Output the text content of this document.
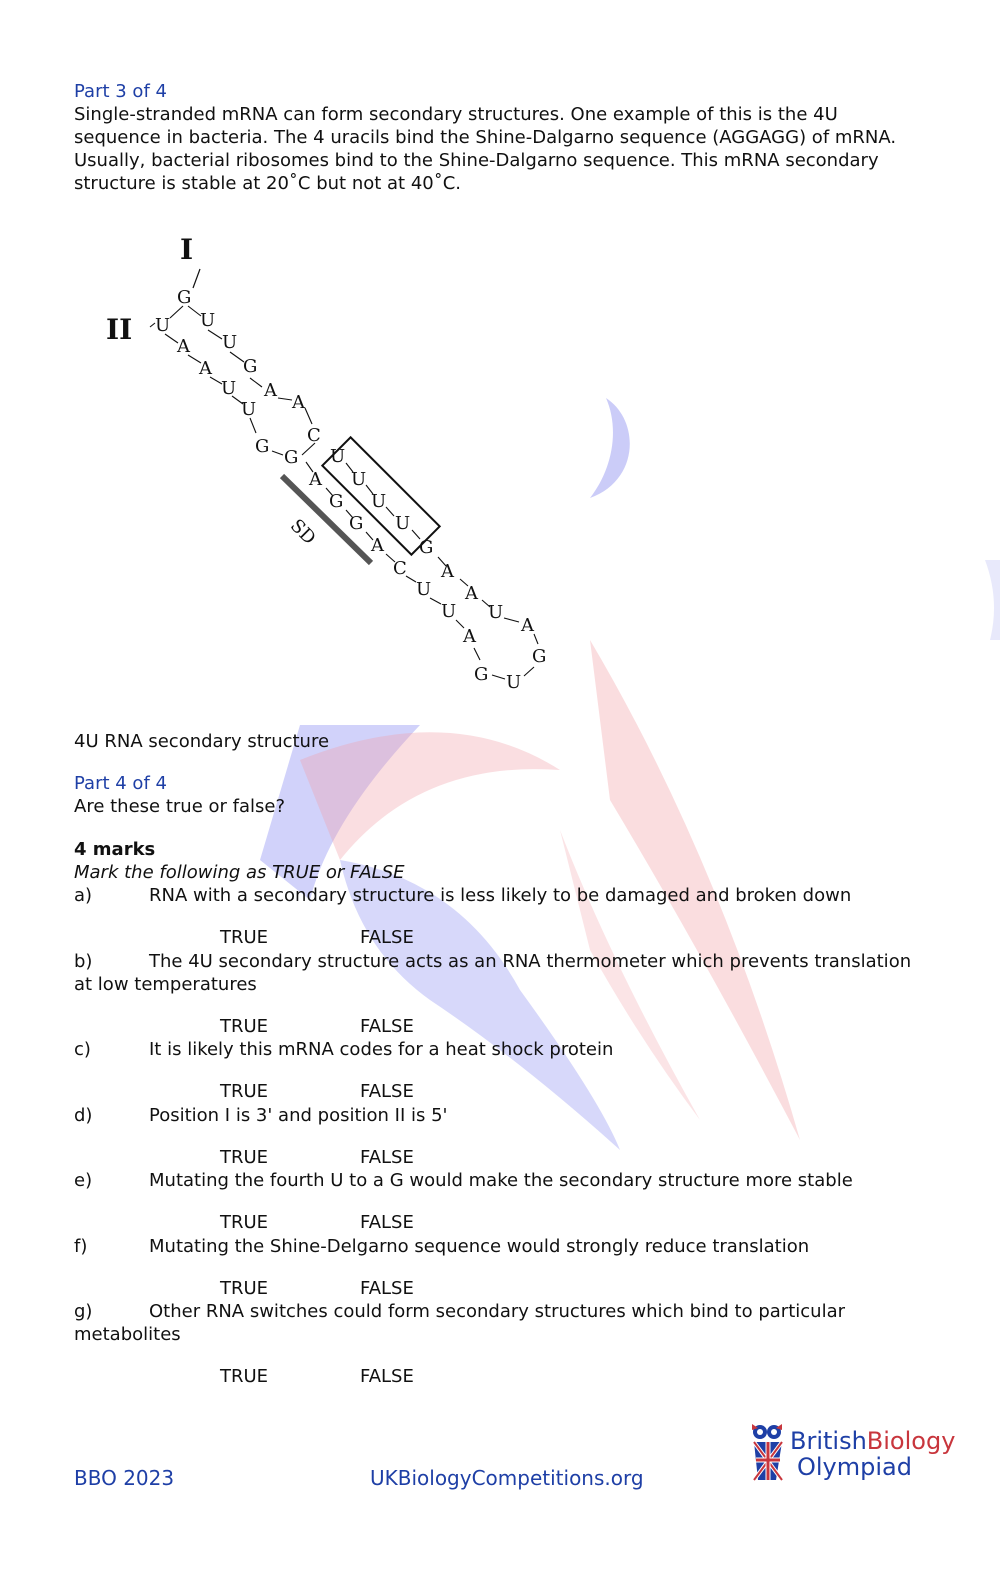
Part 3 of 4
Single-stranded mRNA can form secondary structures. One example of this is the 4U
sequence in bacteria. The 4 uracils bind the Shine-Dalgarno sequence (AGGAGG) of mRNA.
Usually, bacterial ribosomes bind to the Shine-Dalgarno sequence. This mRNA secondary
structure is stable at 20˚C but not at 40˚C.
I
II
G
U U
A U
A G
U A
U A
G
C
G U
A U
G U
G U
A G
C A
U
U
A
U
A
A
G
G U
SD
4U RNA secondary structure
Part 4 of 4
Are these true or false?
4 marks
Mark the following as TRUE or FALSE
a)	RNA with a secondary structure is less likely to be damaged and broken down
TRUE	FALSE
b)	The 4U secondary structure acts as an RNA thermometer which prevents translation
at low temperatures
TRUE	FALSE
c)	It is likely this mRNA codes for a heat shock protein
TRUE	FALSE
d)	Position I is 3' and position II is 5'
TRUE	FALSE
e)	Mutating the fourth U to a G would make the secondary structure more stable
TRUE	FALSE
f)	Mutating the Shine-Delgarno sequence would strongly reduce translation
TRUE	FALSE
g)	Other RNA switches could form secondary structures which bind to particular
metabolites
TRUE	FALSE
BBO 2023	UKBiologyCompetitions.org
BritishBiology
Olympiad
